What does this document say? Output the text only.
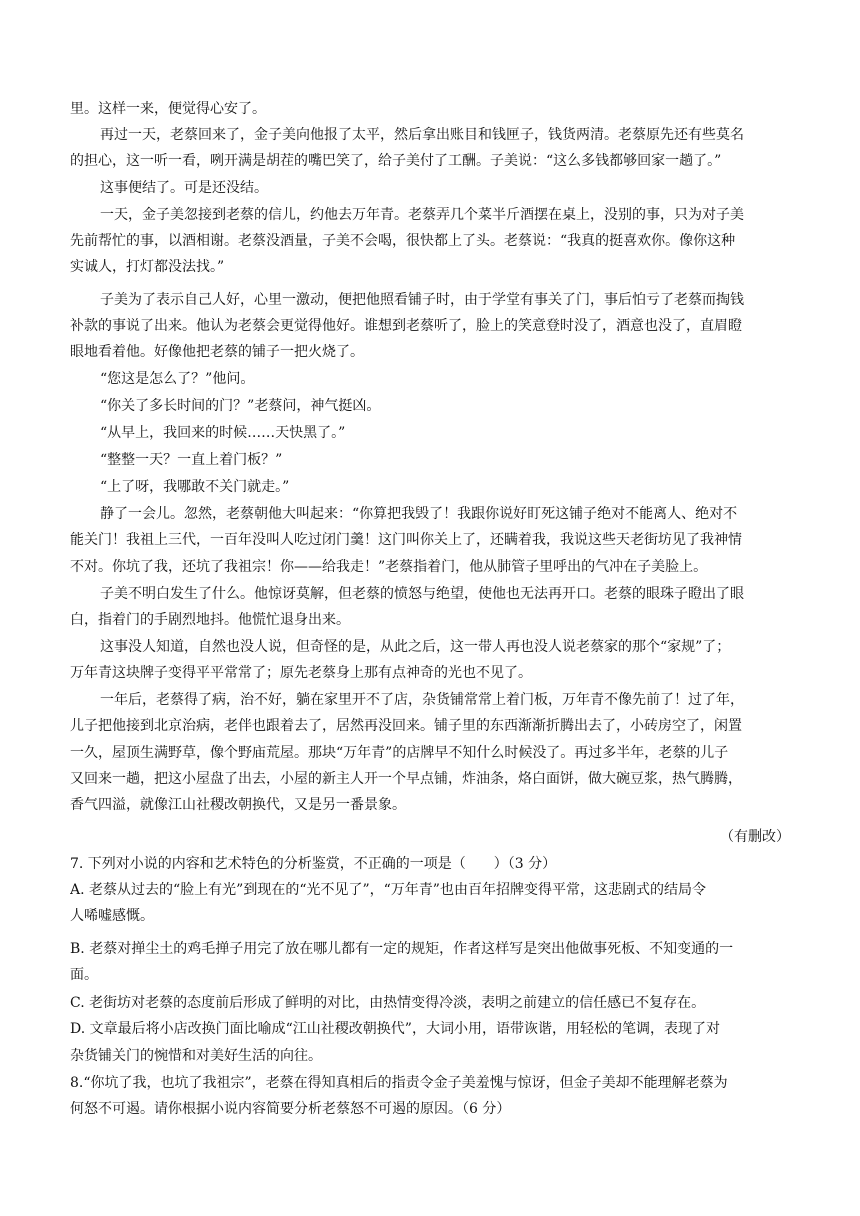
里。这样一来，便觉得心安了。
再过一天，老蔡回来了，金子美向他报了太平，然后拿出账目和钱匣子，钱货两清。老蔡原先还有些莫名
的担心，这一听一看，咧开满是胡茬的嘴巴笑了，给子美付了工酬。子美说：“这么多钱都够回家一趟了。”
这事便结了。可是还没结。
一天，金子美忽接到老蔡的信儿，约他去万年青。老蔡弄几个菜半斤酒摆在桌上，没别的事，只为对子美
先前帮忙的事，以酒相谢。老蔡没酒量，子美不会喝，很快都上了头。老蔡说：“我真的挺喜欢你。像你这种
实诚人，打灯都没法找。”
子美为了表示自己人好，心里一激动，便把他照看铺子时，由于学堂有事关了门，事后怕亏了老蔡而掏钱
补款的事说了出来。他认为老蔡会更觉得他好。谁想到老蔡听了，脸上的笑意登时没了，酒意也没了，直眉瞪
眼地看着他。好像他把老蔡的铺子一把火烧了。
“您这是怎么了？”他问。
“你关了多长时间的门？”老蔡问，神气挺凶。
“从早上，我回来的时候……天快黑了。”
“整整一天？一直上着门板？”
“上了呀，我哪敢不关门就走。”
静了一会儿。忽然，老蔡朝他大叫起来：“你算把我毁了！我跟你说好盯死这铺子绝对不能离人、绝对不
能关门！我祖上三代，一百年没叫人吃过闭门羹！这门叫你关上了，还瞒着我，我说这些天老街坊见了我神情
不对。你坑了我，还坑了我祖宗！你——给我走！”老蔡指着门，他从肺管子里呼出的气冲在子美脸上。
子美不明白发生了什么。他惊讶莫解，但老蔡的愤怒与绝望，使他也无法再开口。老蔡的眼珠子瞪出了眼
白，指着门的手剧烈地抖。他慌忙退身出来。
这事没人知道，自然也没人说，但奇怪的是，从此之后，这一带人再也没人说老蔡家的那个“家规”了；
万年青这块牌子变得平平常常了；原先老蔡身上那有点神奇的光也不见了。
一年后，老蔡得了病，治不好，躺在家里开不了店，杂货铺常常上着门板，万年青不像先前了！过了年，
儿子把他接到北京治病，老伴也跟着去了，居然再没回来。铺子里的东西渐渐折腾出去了，小砖房空了，闲置
一久，屋顶生满野草，像个野庙荒屋。那块“万年青”的店牌早不知什么时候没了。再过多半年，老蔡的儿子
又回来一趟，把这小屋盘了出去，小屋的新主人开一个早点铺，炸油条，烙白面饼，做大碗豆浆，热气腾腾，
香气四溢，就像江山社稷改朝换代，又是另一番景象。
（有删改）
7. 下列对小说的内容和艺术特色的分析鉴赏，不正确的一项是（　　）（3 分）
A. 老蔡从过去的“脸上有光”到现在的“光不见了”，“万年青”也由百年招牌变得平常，这悲剧式的结局令
人唏嘘感慨。
B. 老蔡对掸尘土的鸡毛掸子用完了放在哪儿都有一定的规矩，作者这样写是突出他做事死板、不知变通的一
面。
C. 老街坊对老蔡的态度前后形成了鲜明的对比，由热情变得冷淡，表明之前建立的信任感已不复存在。
D. 文章最后将小店改换门面比喻成“江山社稷改朝换代”，大词小用，语带诙谐，用轻松的笔调，表现了对
杂货铺关门的惋惜和对美好生活的向往。
8.“你坑了我，也坑了我祖宗”，老蔡在得知真相后的指责令金子美羞愧与惊讶，但金子美却不能理解老蔡为
何怒不可遏。请你根据小说内容简要分析老蔡怒不可遏的原因。（6 分）
